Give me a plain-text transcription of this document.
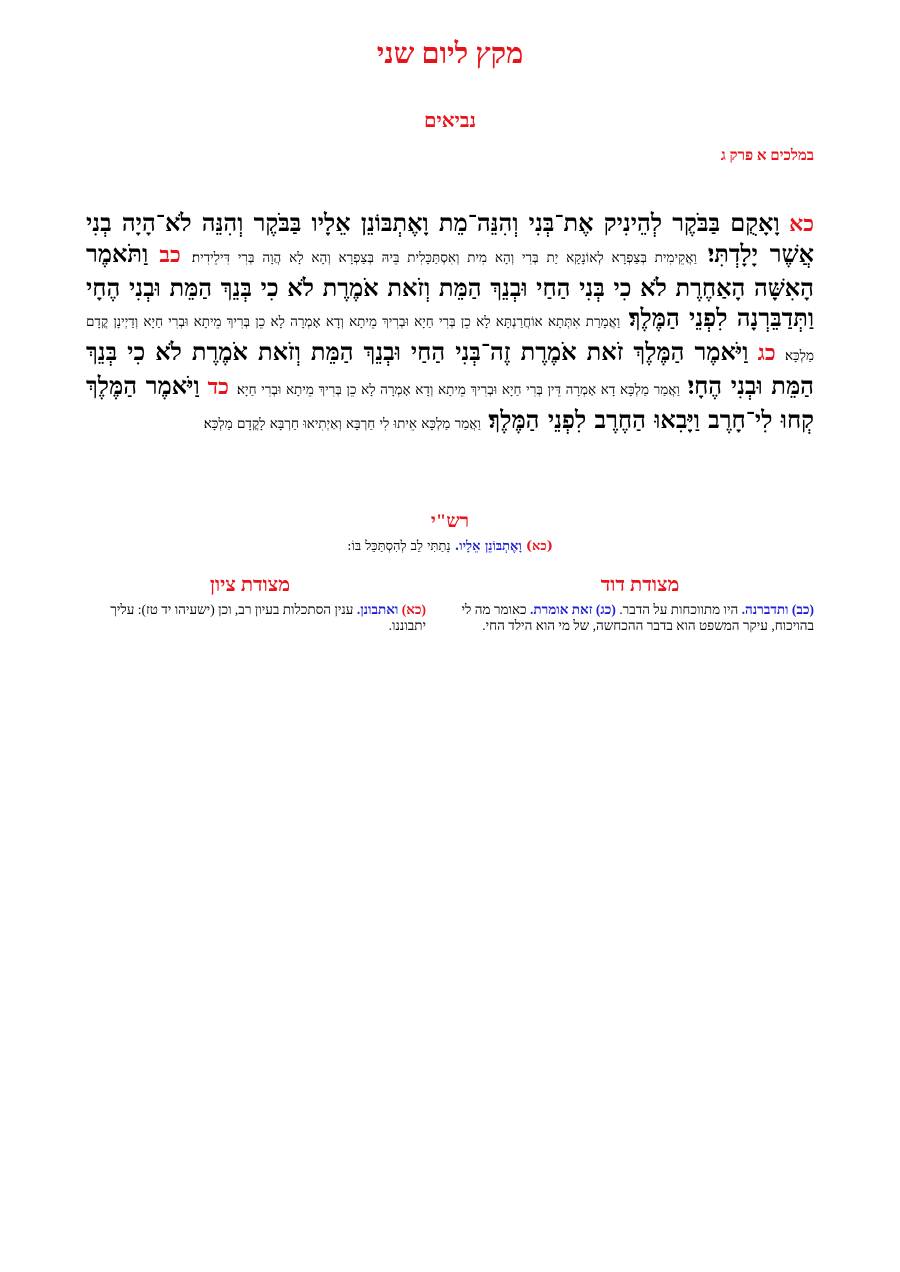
מקץ ליום שני
נביאים
במלכים א פרק ג
כא וָאָקֻם בַּבֹּקֶר לְהֵינִיק אֶת־בְּנִי וְהִנֵּה־מֵת וָאֶתְבּוֹנֵן אֵלָיו בַּבֹּקֶר וְהִנֵּה לֹא־הָיָה בְנִי אֲשֶׁר יָלָדְתִּי׃ וַאֲקֵימִית בְּצַפְרָא לְאוֹנָקָא יַת בְּרִי וְהָא מִית וְאִסְתַּכָּלִית בֵּיהּ בְּצַפְרָא וְהָא לָא הֲוָה בְּרִי דִּילֵידִית׃ כב וַתֹּאמֶר הָאִשָּׁה הָאַחֶרֶת לֹא כִי בְּנִי הַחַי וּבְנֵךְ הַמֵּת וְזֹאת אֹמֶרֶת לֹא כִי בְּנֵךְ הַמֵּת וּבְנִי הֶחָי וַתְּדַבֵּרְנָה לִפְנֵי הַמֶּלֶךְ׃ וַאֲמָרַת אִתְּתָא אוֹחֲרַנְתָּא לָא כֵן בְּרִי חַיָא וּבְרִיךְ מֵיתָא וְדָא אָמְרָה לָא כֵן בְּרִיךְ מֵיתָא וּבְרִי חַיָא וְדַיְינָן קֳדָם מַלְכָּא׃ כג וַיֹּאמֶר הַמֶּלֶךְ זֹאת אֹמֶרֶת זֶה־בְּנִי הַחַי וּבְנֵךְ הַמֵּת וְזֹאת אֹמֶרֶת לֹא כִי בְּנֵךְ הַמֵּת וּבְנִי הֶחָי׃ וַאֲמַר מַלְכָּא דָא אָמְרָה דֵּין בְּרִי חַיָא וּבְרִיךְ מֵיתָא וְדָא אָמְרָה לָא כֵן בְּרִיךְ מֵיתָא וּבְרִי חַיָא׃ כד וַיֹּאמֶר הַמֶּלֶךְ קְחוּ לִי־חָרֶב וַיָּבִאוּ הַחֶרֶב לִפְנֵי הַמֶּלֶךְ׃ וַאֲמַר מַלְכָּא אֵיתוּ לִי חַרְבָּא וְאַיְתִיאוּ חַרְבָּא לָקֳדָם מַלְכָּא׃
רש"י
(כא) וָאֶתְבּוֹנֵן אֵלָיו. נָתַתִּי לֵב לְהִסְתַּכֵּל בּוֹ:
מצודת דוד
(כב) ותדברנה. היו מתווכחות על הדבר. (כג) זאת אומרת. כאומר מה לי בהויכוח, עיקר המשפט הוא בדבר ההכחשה, של מי הוא הילד החי.
מצודת ציון
(כא) ואתבונן. ענין הסתכלות בעיון רב, וכן (ישעיהו יד טז): עליך יתבוננו.
